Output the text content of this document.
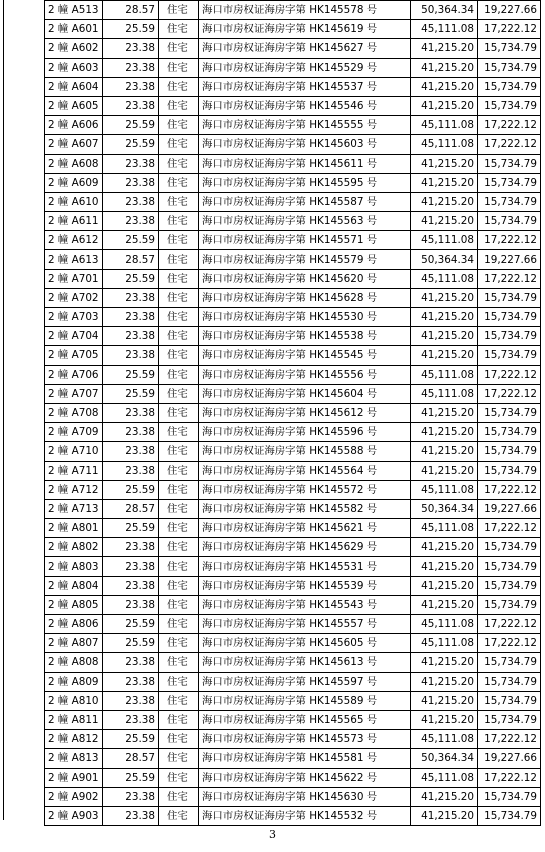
2 幢 A513	28.57	住宅	海口市房权证海房字第 HK145578 号	50,364.34	19,227.66
2 幢 A601	25.59	住宅	海口市房权证海房字第 HK145619 号	45,111.08	17,222.12
2 幢 A602	23.38	住宅	海口市房权证海房字第 HK145627 号	41,215.20	15,734.79
2 幢 A603	23.38	住宅	海口市房权证海房字第 HK145529 号	41,215.20	15,734.79
2 幢 A604	23.38	住宅	海口市房权证海房字第 HK145537 号	41,215.20	15,734.79
2 幢 A605	23.38	住宅	海口市房权证海房字第 HK145546 号	41,215.20	15,734.79
2 幢 A606	25.59	住宅	海口市房权证海房字第 HK145555 号	45,111.08	17,222.12
2 幢 A607	25.59	住宅	海口市房权证海房字第 HK145603 号	45,111.08	17,222.12
2 幢 A608	23.38	住宅	海口市房权证海房字第 HK145611 号	41,215.20	15,734.79
2 幢 A609	23.38	住宅	海口市房权证海房字第 HK145595 号	41,215.20	15,734.79
2 幢 A610	23.38	住宅	海口市房权证海房字第 HK145587 号	41,215.20	15,734.79
2 幢 A611	23.38	住宅	海口市房权证海房字第 HK145563 号	41,215.20	15,734.79
2 幢 A612	25.59	住宅	海口市房权证海房字第 HK145571 号	45,111.08	17,222.12
2 幢 A613	28.57	住宅	海口市房权证海房字第 HK145579 号	50,364.34	19,227.66
2 幢 A701	25.59	住宅	海口市房权证海房字第 HK145620 号	45,111.08	17,222.12
2 幢 A702	23.38	住宅	海口市房权证海房字第 HK145628 号	41,215.20	15,734.79
2 幢 A703	23.38	住宅	海口市房权证海房字第 HK145530 号	41,215.20	15,734.79
2 幢 A704	23.38	住宅	海口市房权证海房字第 HK145538 号	41,215.20	15,734.79
2 幢 A705	23.38	住宅	海口市房权证海房字第 HK145545 号	41,215.20	15,734.79
2 幢 A706	25.59	住宅	海口市房权证海房字第 HK145556 号	45,111.08	17,222.12
2 幢 A707	25.59	住宅	海口市房权证海房字第 HK145604 号	45,111.08	17,222.12
2 幢 A708	23.38	住宅	海口市房权证海房字第 HK145612 号	41,215.20	15,734.79
2 幢 A709	23.38	住宅	海口市房权证海房字第 HK145596 号	41,215.20	15,734.79
2 幢 A710	23.38	住宅	海口市房权证海房字第 HK145588 号	41,215.20	15,734.79
2 幢 A711	23.38	住宅	海口市房权证海房字第 HK145564 号	41,215.20	15,734.79
2 幢 A712	25.59	住宅	海口市房权证海房字第 HK145572 号	45,111.08	17,222.12
2 幢 A713	28.57	住宅	海口市房权证海房字第 HK145582 号	50,364.34	19,227.66
2 幢 A801	25.59	住宅	海口市房权证海房字第 HK145621 号	45,111.08	17,222.12
2 幢 A802	23.38	住宅	海口市房权证海房字第 HK145629 号	41,215.20	15,734.79
2 幢 A803	23.38	住宅	海口市房权证海房字第 HK145531 号	41,215.20	15,734.79
2 幢 A804	23.38	住宅	海口市房权证海房字第 HK145539 号	41,215.20	15,734.79
2 幢 A805	23.38	住宅	海口市房权证海房字第 HK145543 号	41,215.20	15,734.79
2 幢 A806	25.59	住宅	海口市房权证海房字第 HK145557 号	45,111.08	17,222.12
2 幢 A807	25.59	住宅	海口市房权证海房字第 HK145605 号	45,111.08	17,222.12
2 幢 A808	23.38	住宅	海口市房权证海房字第 HK145613 号	41,215.20	15,734.79
2 幢 A809	23.38	住宅	海口市房权证海房字第 HK145597 号	41,215.20	15,734.79
2 幢 A810	23.38	住宅	海口市房权证海房字第 HK145589 号	41,215.20	15,734.79
2 幢 A811	23.38	住宅	海口市房权证海房字第 HK145565 号	41,215.20	15,734.79
2 幢 A812	25.59	住宅	海口市房权证海房字第 HK145573 号	45,111.08	17,222.12
2 幢 A813	28.57	住宅	海口市房权证海房字第 HK145581 号	50,364.34	19,227.66
2 幢 A901	25.59	住宅	海口市房权证海房字第 HK145622 号	45,111.08	17,222.12
2 幢 A902	23.38	住宅	海口市房权证海房字第 HK145630 号	41,215.20	15,734.79
2 幢 A903	23.38	住宅	海口市房权证海房字第 HK145532 号	41,215.20	15,734.79
3
